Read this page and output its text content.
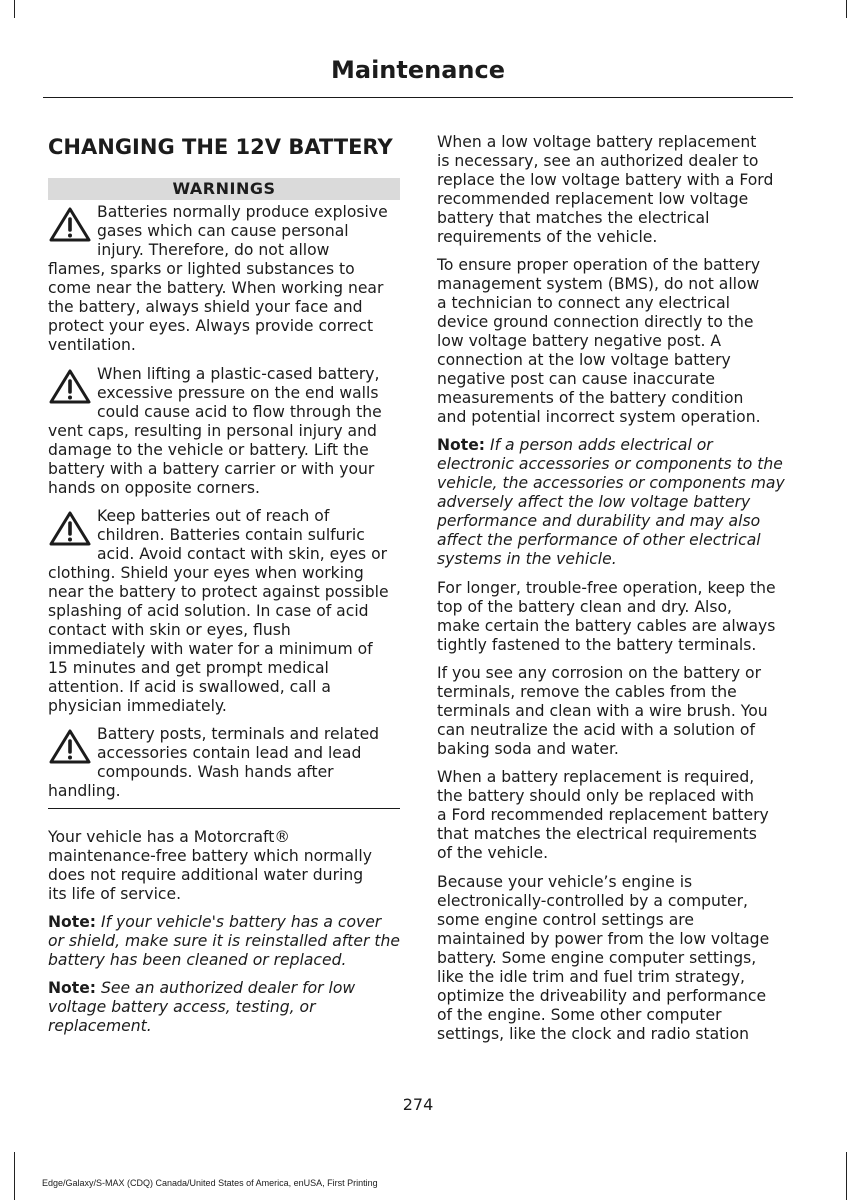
Maintenance
CHANGING THE 12V BATTERY
WARNINGS
Batteries normally produce explosive
gases which can cause personal
injury. Therefore, do not allow
flames, sparks or lighted substances to
come near the battery. When working near
the battery, always shield your face and
protect your eyes. Always provide correct
ventilation.
When lifting a plastic-cased battery,
excessive pressure on the end walls
could cause acid to flow through the
vent caps, resulting in personal injury and
damage to the vehicle or battery. Lift the
battery with a battery carrier or with your
hands on opposite corners.
Keep batteries out of reach of
children. Batteries contain sulfuric
acid. Avoid contact with skin, eyes or
clothing. Shield your eyes when working
near the battery to protect against possible
splashing of acid solution. In case of acid
contact with skin or eyes, flush
immediately with water for a minimum of
15 minutes and get prompt medical
attention. If acid is swallowed, call a
physician immediately.
Battery posts, terminals and related
accessories contain lead and lead
compounds. Wash hands after
handling.
Your vehicle has a Motorcraft®
maintenance-free battery which normally
does not require additional water during
its life of service.
Note: If your vehicle's battery has a cover
or shield, make sure it is reinstalled after the
battery has been cleaned or replaced.
Note: See an authorized dealer for low
voltage battery access, testing, or
replacement.
When a low voltage battery replacement
is necessary, see an authorized dealer to
replace the low voltage battery with a Ford
recommended replacement low voltage
battery that matches the electrical
requirements of the vehicle.
To ensure proper operation of the battery
management system (BMS), do not allow
a technician to connect any electrical
device ground connection directly to the
low voltage battery negative post. A
connection at the low voltage battery
negative post can cause inaccurate
measurements of the battery condition
and potential incorrect system operation.
Note: If a person adds electrical or
electronic accessories or components to the
vehicle, the accessories or components may
adversely affect the low voltage battery
performance and durability and may also
affect the performance of other electrical
systems in the vehicle.
For longer, trouble-free operation, keep the
top of the battery clean and dry. Also,
make certain the battery cables are always
tightly fastened to the battery terminals.
If you see any corrosion on the battery or
terminals, remove the cables from the
terminals and clean with a wire brush. You
can neutralize the acid with a solution of
baking soda and water.
When a battery replacement is required,
the battery should only be replaced with
a Ford recommended replacement battery
that matches the electrical requirements
of the vehicle.
Because your vehicle’s engine is
electronically-controlled by a computer,
some engine control settings are
maintained by power from the low voltage
battery. Some engine computer settings,
like the idle trim and fuel trim strategy,
optimize the driveability and performance
of the engine. Some other computer
settings, like the clock and radio station
274
Edge/Galaxy/S-MAX (CDQ) Canada/United States of America, enUSA, First Printing
